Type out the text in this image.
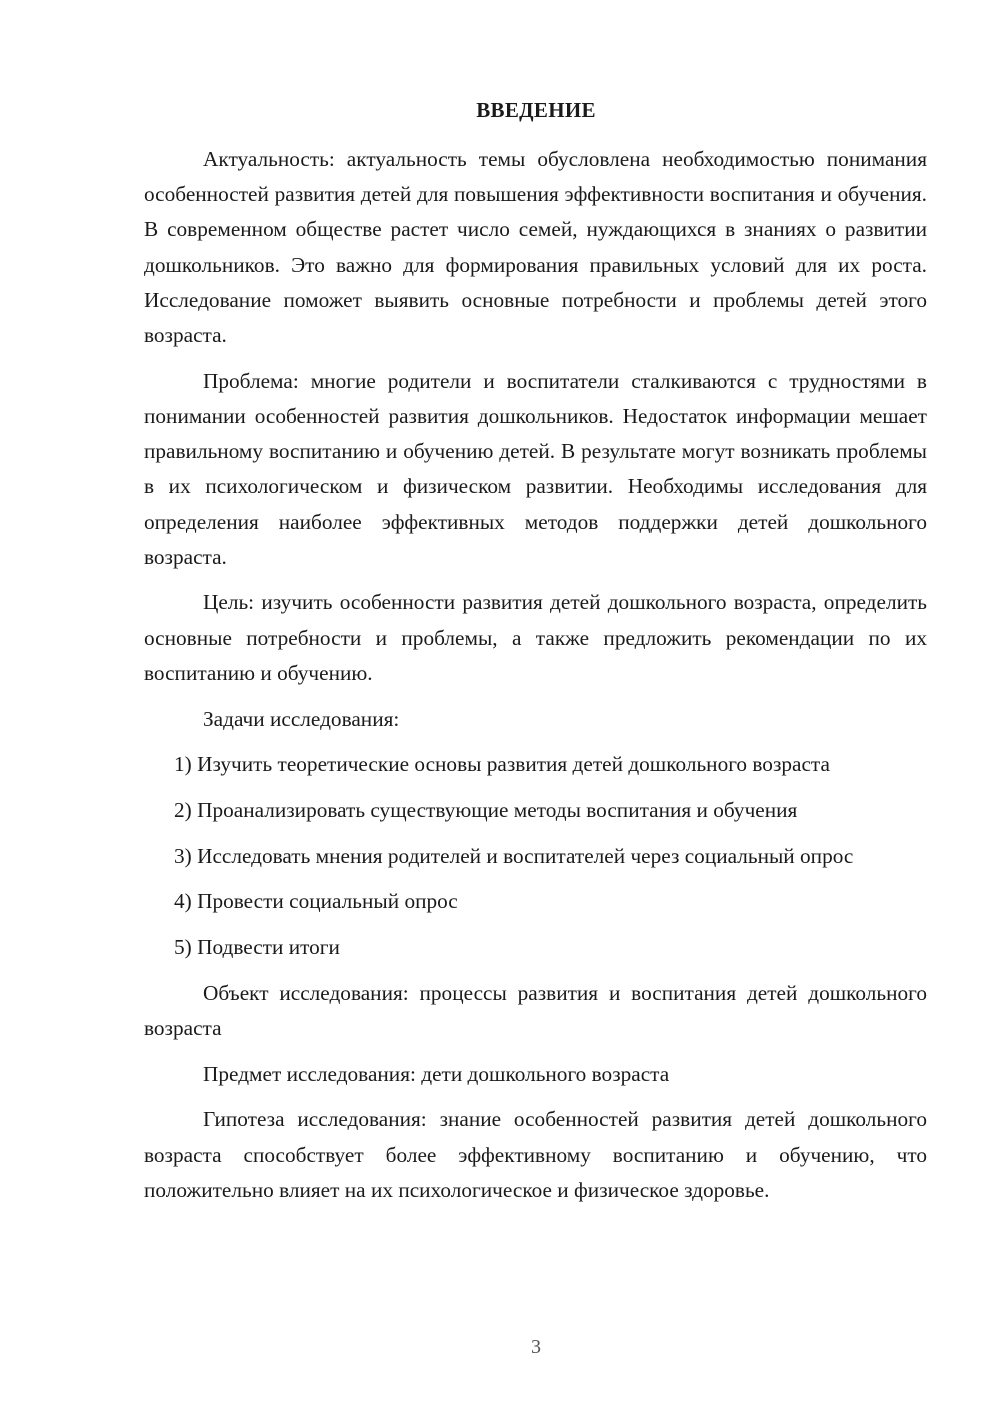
ВВЕДЕНИЕ

Актуальность: актуальность темы обусловлена необходимостью понимания особенностей развития детей для повышения эффективности воспитания и обучения. В современном обществе растет число семей, нуждающихся в знаниях о развитии дошкольников. Это важно для формирования правильных условий для их роста. Исследование поможет выявить основные потребности и проблемы детей этого возраста.

Проблема: многие родители и воспитатели сталкиваются с трудностями в понимании особенностей развития дошкольников. Недостаток информации мешает правильному воспитанию и обучению детей. В результате могут возникать проблемы в их психологическом и физическом развитии. Необходимы исследования для определения наиболее эффективных методов поддержки детей дошкольного возраста.

Цель: изучить особенности развития детей дошкольного возраста, определить основные потребности и проблемы, а также предложить рекомендации по их воспитанию и обучению.

Задачи исследования:

1) Изучить теоретические основы развития детей дошкольного возраста

2) Проанализировать существующие методы воспитания и обучения

3) Исследовать мнения родителей и воспитателей через социальный опрос

4) Провести социальный опрос

5) Подвести итоги

Объект исследования: процессы развития и воспитания детей дошкольного возраста

Предмет исследования: дети дошкольного возраста

Гипотеза исследования: знание особенностей развития детей дошкольного возраста способствует более эффективному воспитанию и обучению, что положительно влияет на их психологическое и физическое здоровье.

3
